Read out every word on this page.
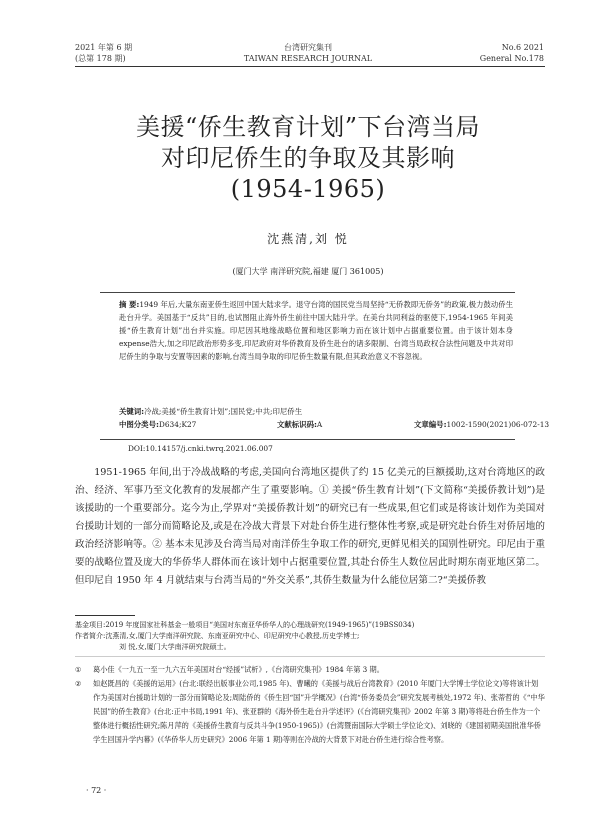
2021 年第 6 期
(总第 178 期)
台湾研究集刊
TAIWAN RESEARCH JOURNAL
No.6 2021
General No.178
美援“侨生教育计划”下台湾当局
对印尼侨生的争取及其影响
(1954-1965)
沈燕清,刘 悦
(厦门大学 南洋研究院,福建 厦门 361005)
摘 要:1949 年后,大量东南亚侨生返回中国大陆求学。退守台湾的国民党当局坚持“无侨教即无侨务”的政策,极力鼓动侨生赴台升学。美国基于“反共”目的,也试图阻止海外侨生前往中国大陆升学。在美台共同利益的驱使下,1954-1965 年间美援“侨生教育计划”出台并实施。印尼因其地缘战略位置和地区影响力而在该计划中占据重要位置。由于该计划本身expense浩大,加之印尼政治形势多变,印尼政府对华侨教育及侨生赴台的诸多限制、台湾当局政权合法性问题及中共对印尼侨生的争取与安置等因素的影响,台湾当局争取的印尼侨生数量有限,但其政治意义不容忽视。
关键词:冷战;美援“侨生教育计划”;国民党;中共;印尼侨生
中图分类号:D634;K27	文献标识码:A	文章编号:1002-1590(2021)06-072-13
DOI:10.14157/j.cnki.twrq.2021.06.007
1951-1965 年间,出于冷战战略的考虑,美国向台湾地区提供了约 15 亿美元的巨额援助,这对台湾地区的政治、经济、军事乃至文化教育的发展都产生了重要影响。① 美援“侨生教育计划”(下文简称“美援侨教计划”)是该援助的一个重要部分。迄今为止,学界对“美援侨教计划”的研究已有一些成果,但它们或是将该计划作为美国对台援助计划的一部分而简略论及,或是在冷战大背景下对赴台侨生进行整体性考察,或是研究赴台侨生对侨居地的政治经济影响等。② 基本未见涉及台湾当局对南洋侨生争取工作的研究,更鲜见相关的国别性研究。印尼由于重要的战略位置及庞大的华侨华人群体而在该计划中占据重要位置,其赴台侨生人数位居此时期东南亚地区第二。但印尼自 1950 年 4 月就结束与台湾当局的“外交关系”,其侨生数量为什么能位居第二?“美援侨教
基金项目:2019 年度国家社科基金一般项目“美国对东南亚华侨华人的心理战研究(1949-1965)”(19BSS034)
作者简介:沈燕清,女,厦门大学南洋研究院、东南亚研究中心、印尼研究中心教授,历史学博士;
刘 悦,女,厦门大学南洋研究院硕士。
① 葛小佳《一九五一至一九六五年美国对台“经援”试析》,《台湾研究集刊》1984 年第 3 期。
② 如赵既昌的《美援的运用》(台北:联经出版事业公司,1985 年)、曹曦的《美援与战后台湾教育》(2010 年厦门大学博士学位论文)等将该计划作为美国对台援助计划的一部分而简略论及;周陆侨的《侨生回“国”升学概况》(台湾“侨务委员会”研究发展考核处,1972 年)、张蒂哲的《“中华民国”的侨生教育》(台北:正中书局,1991 年)、张亚群的《海外侨生赴台升学述评》(《台湾研究集刊》2002 年第 3 期)等将赴台侨生作为一个整体进行概括性研究;陈月萍的《美援侨生教育与反共斗争(1950-1965)》(台湾暨南国际大学硕士学位论文)、刘晓的《建国初期美国批准华侨学生回国升学内幕》(《华侨华人历史研究》2006 年第 1 期)等则在冷战的大背景下对赴台侨生进行综合性考察。
· 72 ·
